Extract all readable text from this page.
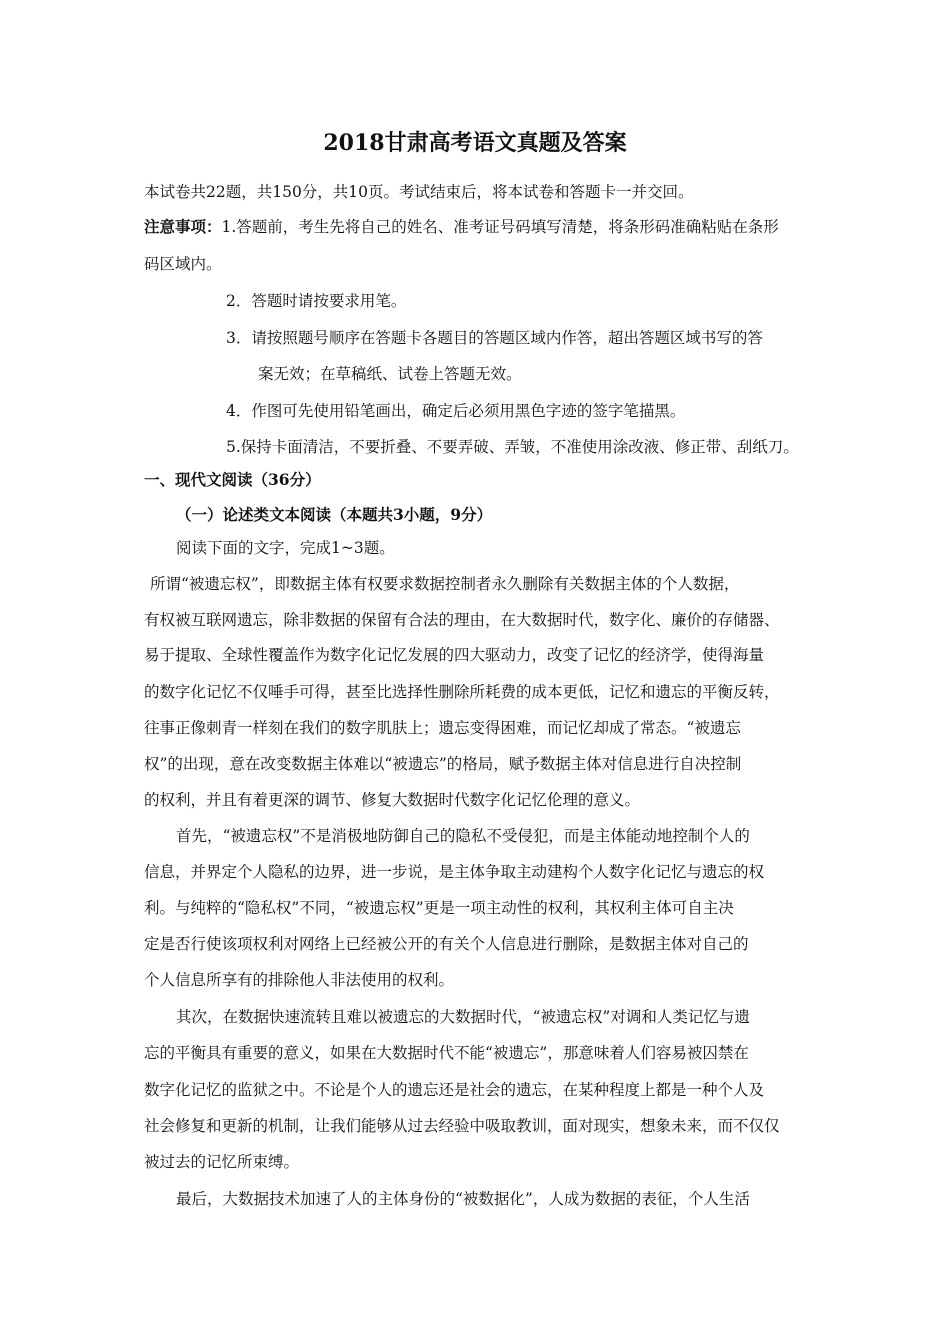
2018甘肃高考语文真题及答案
本试卷共22题，共150分，共10页。考试结束后，将本试卷和答题卡一并交回。
注意事项：1.答题前，考生先将自己的姓名、准考证号码填写清楚，将条形码准确粘贴在条形
码区域内。
2．答题时请按要求用笔。
3．请按照题号顺序在答题卡各题目的答题区域内作答，超出答题区域书写的答
案无效；在草稿纸、试卷上答题无效。
4．作图可先使用铅笔画出，确定后必须用黑色字迹的签字笔描黑。
5.保持卡面清洁，不要折叠、不要弄破、弄皱，不准使用涂改液、修正带、刮纸刀。
一、现代文阅读（36分）
（一）论述类文本阅读（本题共3小题，9分）
阅读下面的文字，完成1~3题。
所谓“被遗忘权”，即数据主体有权要求数据控制者永久删除有关数据主体的个人数据，
有权被互联网遗忘，除非数据的保留有合法的理由，在大数据时代，数字化、廉价的存储器、
易于提取、全球性覆盖作为数字化记忆发展的四大驱动力，改变了记忆的经济学，使得海量
的数字化记忆不仅唾手可得，甚至比选择性删除所耗费的成本更低，记忆和遗忘的平衡反转，
往事正像刺青一样刻在我们的数字肌肤上；遗忘变得困难，而记忆却成了常态。“被遗忘
权”的出现，意在改变数据主体难以“被遗忘”的格局，赋予数据主体对信息进行自决控制
的权利，并且有着更深的调节、修复大数据时代数字化记忆伦理的意义。
首先，“被遗忘权”不是消极地防御自己的隐私不受侵犯，而是主体能动地控制个人的
信息，并界定个人隐私的边界，进一步说，是主体争取主动建构个人数字化记忆与遗忘的权
利。与纯粹的“隐私权”不同，“被遗忘权”更是一项主动性的权利，其权利主体可自主决
定是否行使该项权利对网络上已经被公开的有关个人信息进行删除，是数据主体对自己的
个人信息所享有的排除他人非法使用的权利。
其次，在数据快速流转且难以被遗忘的大数据时代，“被遗忘权”对调和人类记忆与遗
忘的平衡具有重要的意义，如果在大数据时代不能“被遗忘”，那意味着人们容易被囚禁在
数字化记忆的监狱之中。不论是个人的遗忘还是社会的遗忘，在某种程度上都是一种个人及
社会修复和更新的机制，让我们能够从过去经验中吸取教训，面对现实，想象未来，而不仅仅
被过去的记忆所束缚。
最后，大数据技术加速了人的主体身份的“被数据化”，人成为数据的表征，个人生活
